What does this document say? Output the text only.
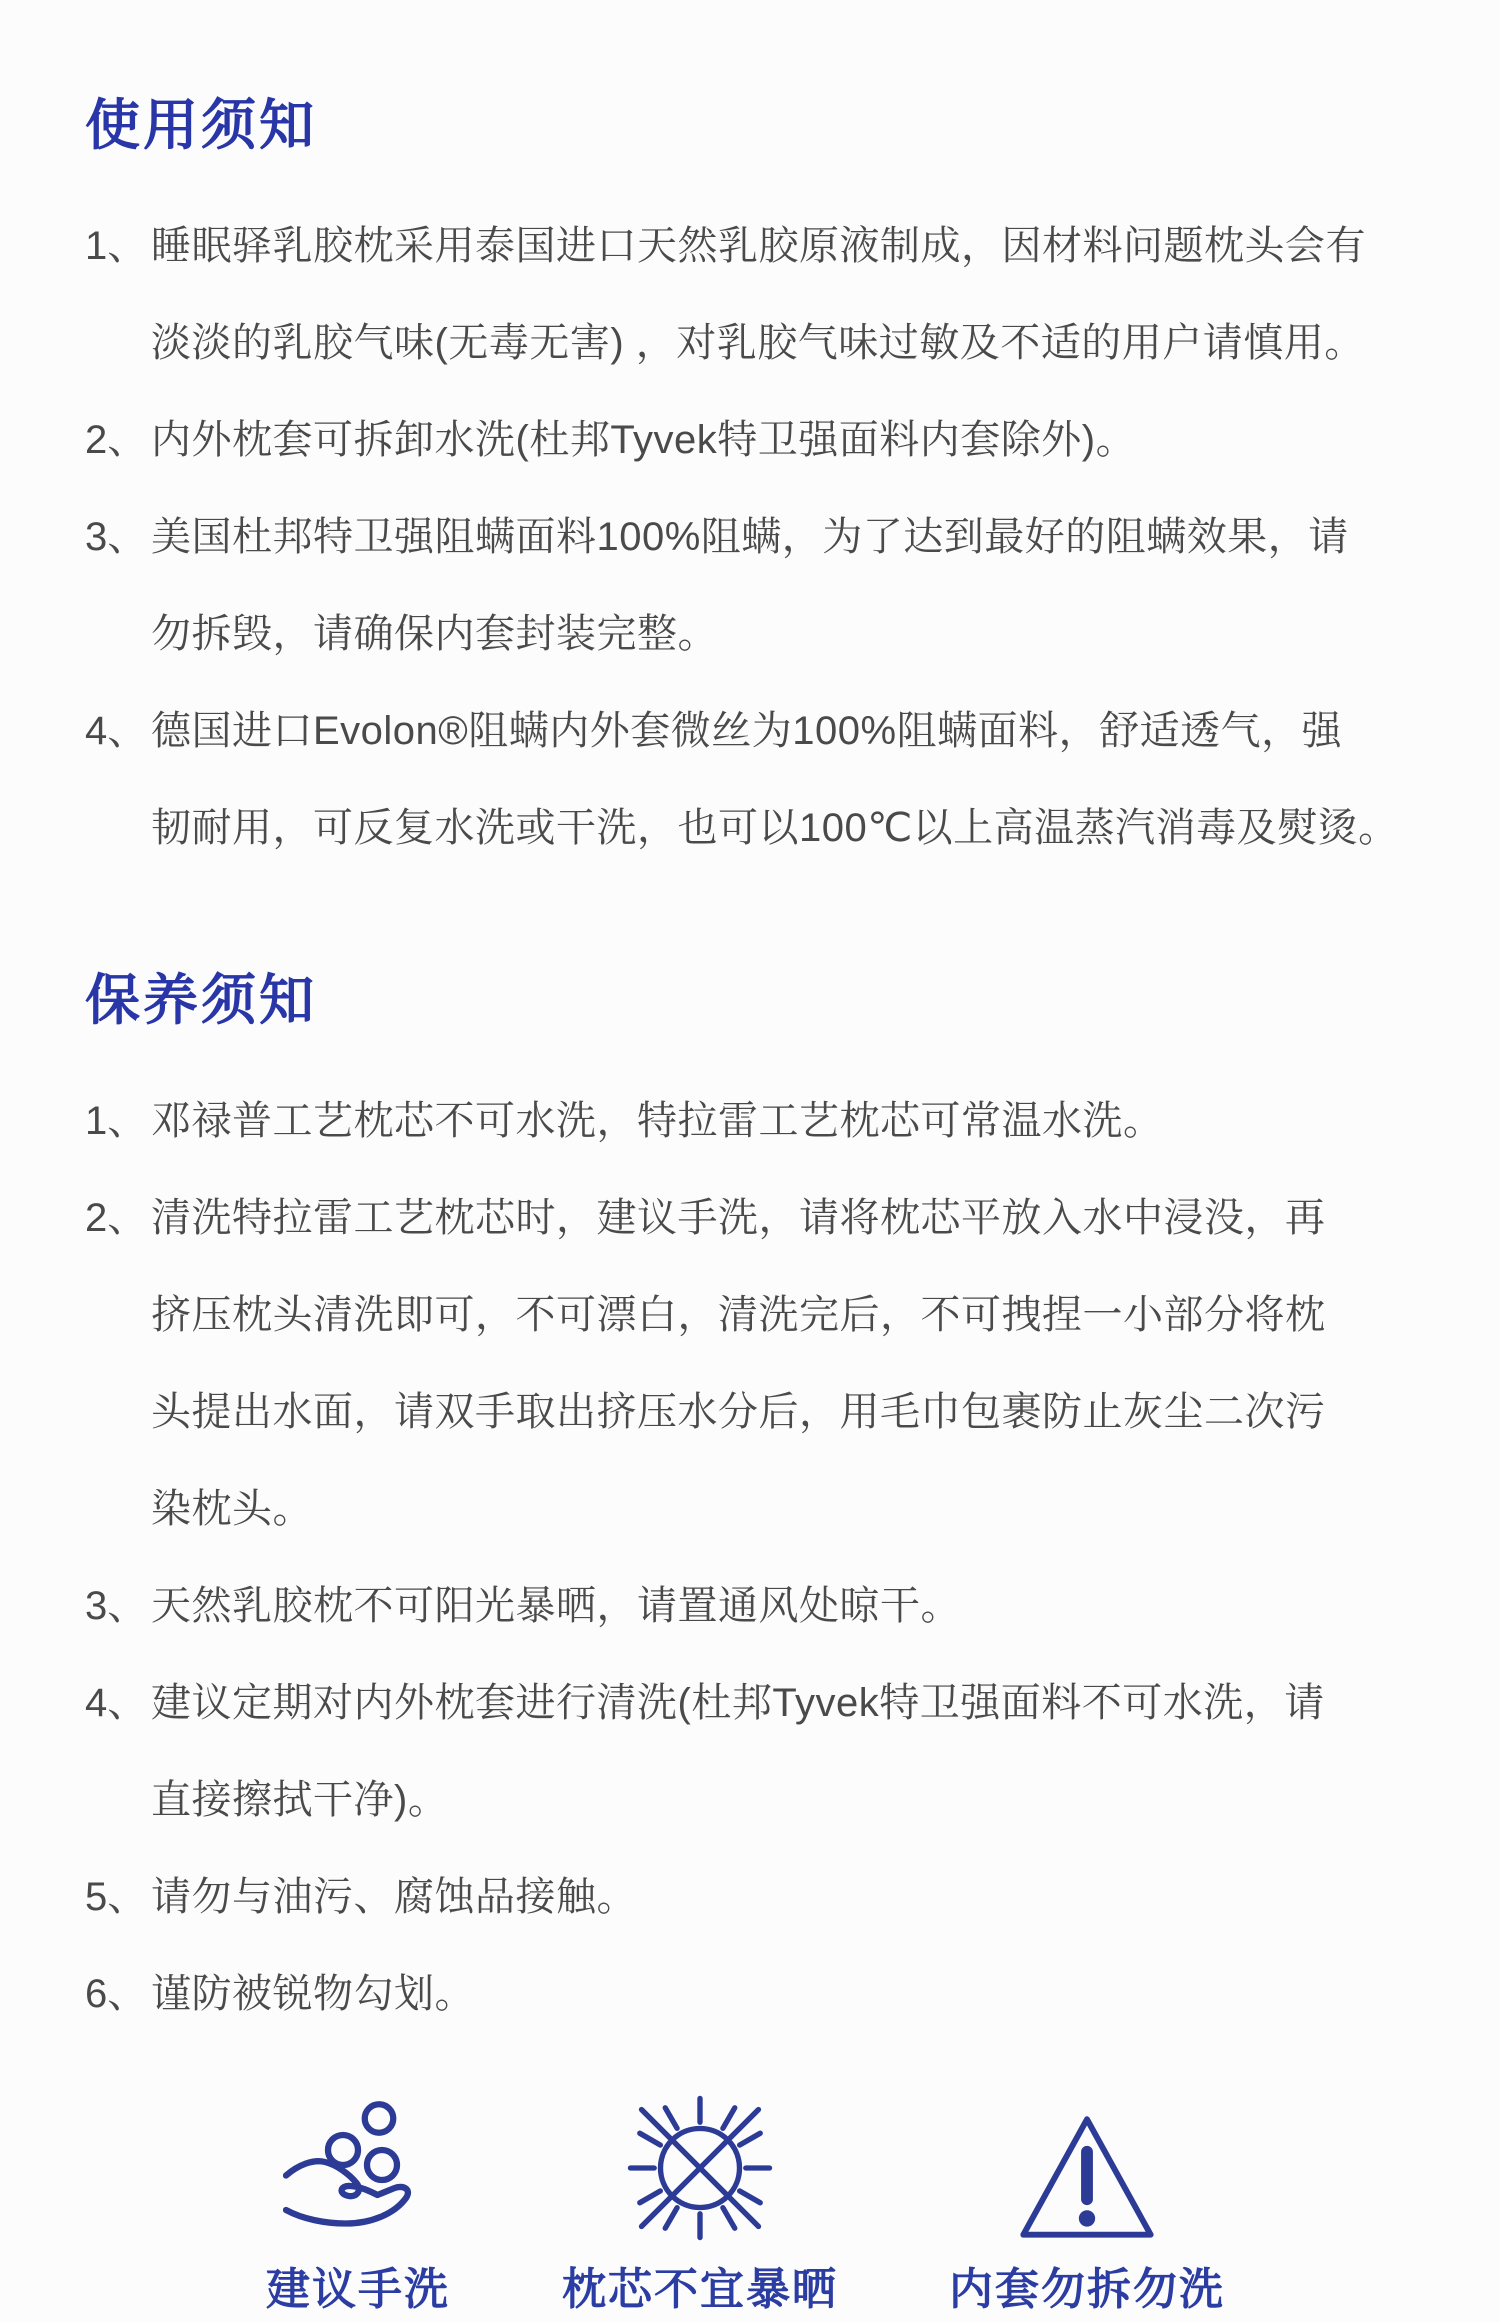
使用须知
1、 睡眠驿乳胶枕采用泰国进口天然乳胶原液制成，因材料问题枕头会有
淡淡的乳胶气味(无毒无害) ，对乳胶气味过敏及不适的用户请慎用。
2、 内外枕套可拆卸水洗(杜邦Tyvek特卫强面料内套除外)。
3、 美国杜邦特卫强阻螨面料100%阻螨，为了达到最好的阻螨效果，请
勿拆毁，请确保内套封装完整。
4、 德国进口Evolon®阻螨内外套微丝为100%阻螨面料，舒适透气，强
韧耐用，可反复水洗或干洗，也可以100℃以上高温蒸汽消毒及熨烫。
保养须知
1、 邓禄普工艺枕芯不可水洗，特拉雷工艺枕芯可常温水洗。
2、 清洗特拉雷工艺枕芯时，建议手洗，请将枕芯平放入水中浸没，再
挤压枕头清洗即可，不可漂白，清洗完后，不可拽捏一小部分将枕
头提出水面，请双手取出挤压水分后，用毛巾包裹防止灰尘二次污
染枕头。
3、 天然乳胶枕不可阳光暴晒，请置通风处晾干。
4、 建议定期对内外枕套进行清洗(杜邦Tyvek特卫强面料不可水洗，请
直接擦拭干净)。
5、 请勿与油污、腐蚀品接触。
6、 谨防被锐物勾划。
建议手洗	枕芯不宜暴晒	内套勿拆勿洗
